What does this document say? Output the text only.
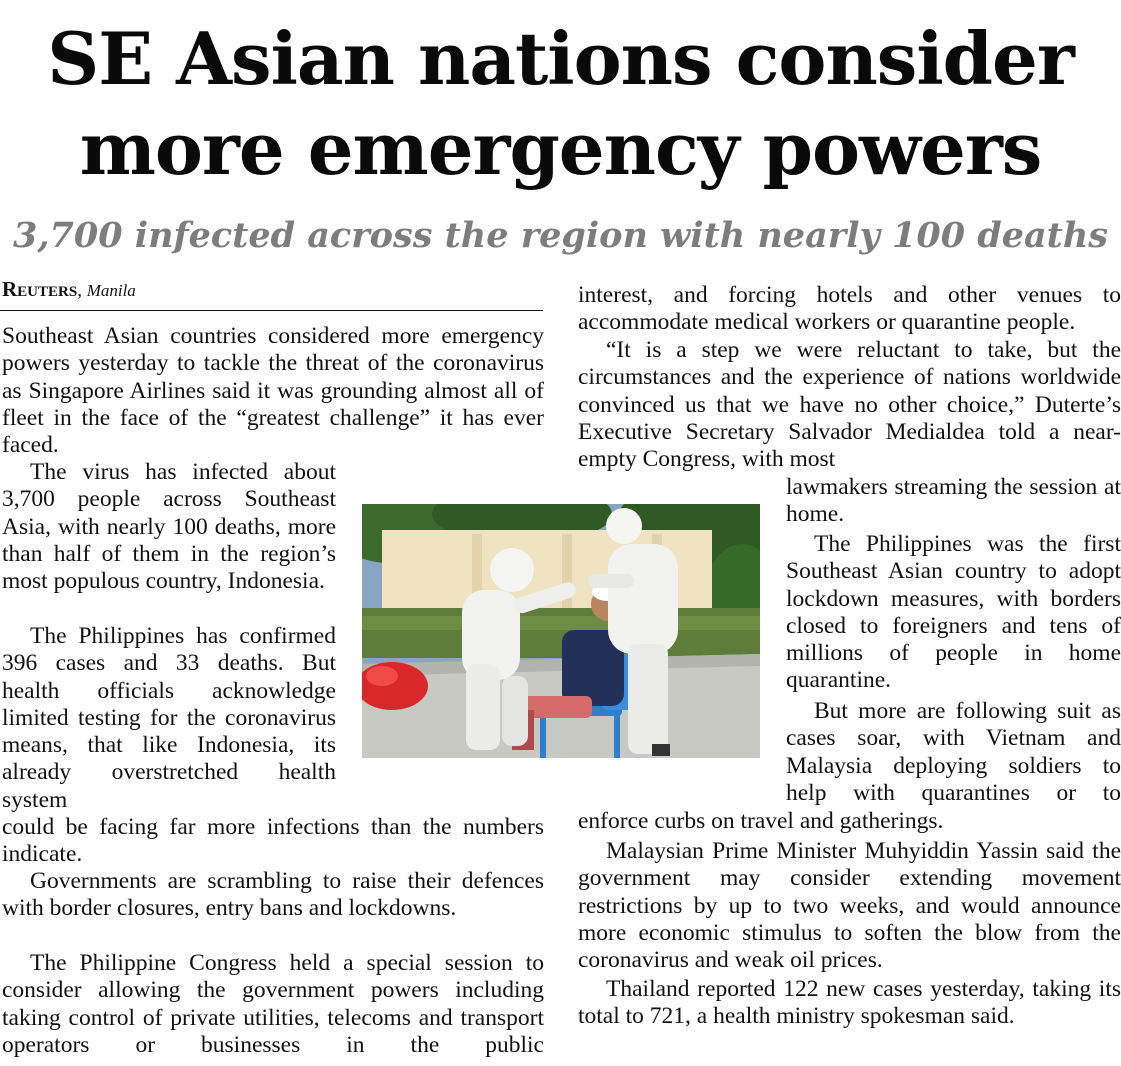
SE Asian nations consider more emergency powers
3,700 infected across the region with nearly 100 deaths
Reuters, Manila

Southeast Asian countries considered more emergency powers yesterday to tackle the threat of the coronavirus as Singapore Airlines said it was grounding almost all of fleet in the face of the “greatest challenge” it has ever faced.

The virus has infected about 3,700 people across Southeast Asia, with nearly 100 deaths, more than half of them in the region’s most populous country, Indonesia.

The Philippines has confirmed 396 cases and 33 deaths. But health officials acknowledge limited testing for the coronavirus means, that like Indonesia, its already overstretched health system

could be facing far more infections than the numbers indicate.

Governments are scrambling to raise their defences with border closures, entry bans and lockdowns.

The Philippine Congress held a special session to consider allowing the government powers including taking control of private utilities, telecoms and transport operators or businesses in the public

interest, and forcing hotels and other venues to accommodate medical workers or quarantine people.

“It is a step we were reluctant to take, but the circumstances and the experience of nations worldwide convinced us that we have no other choice,” Duterte’s Executive Secretary Salvador Medialdea told a near-empty Congress, with most

lawmakers streaming the session at home.

The Philippines was the first Southeast Asian country to adopt lockdown measures, with borders closed to foreigners and tens of millions of people in home quarantine.

But more are following suit as cases soar, with Vietnam and Malaysia deploying soldiers to help with quarantines or to

enforce curbs on travel and gatherings.

Malaysian Prime Minister Muhyiddin Yassin said the government may consider extending movement restrictions by up to two weeks, and would announce more economic stimulus to soften the blow from the coronavirus and weak oil prices.

Thailand reported 122 new cases yesterday, taking its total to 721, a health ministry spokesman said.
